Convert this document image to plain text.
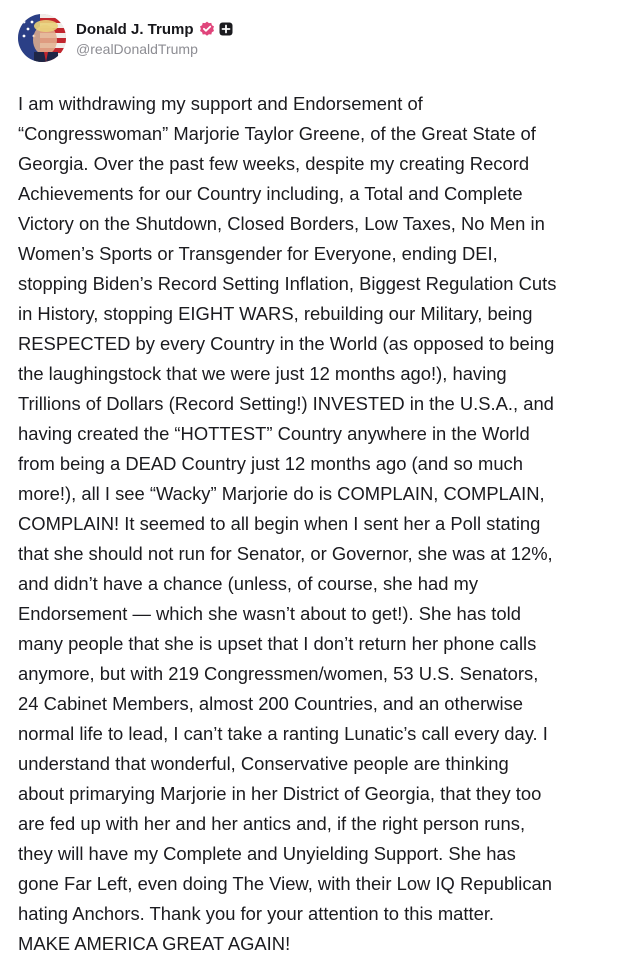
Donald J. Trump
@realDonaldTrump
I am withdrawing my support and Endorsement of
“Congresswoman” Marjorie Taylor Greene, of the Great State of
Georgia. Over the past few weeks, despite my creating Record
Achievements for our Country including, a Total and Complete
Victory on the Shutdown, Closed Borders, Low Taxes, No Men in
Women’s Sports or Transgender for Everyone, ending DEI,
stopping Biden’s Record Setting Inflation, Biggest Regulation Cuts
in History, stopping EIGHT WARS, rebuilding our Military, being
RESPECTED by every Country in the World (as opposed to being
the laughingstock that we were just 12 months ago!), having
Trillions of Dollars (Record Setting!) INVESTED in the U.S.A., and
having created the “HOTTEST” Country anywhere in the World
from being a DEAD Country just 12 months ago (and so much
more!), all I see “Wacky” Marjorie do is COMPLAIN, COMPLAIN,
COMPLAIN! It seemed to all begin when I sent her a Poll stating
that she should not run for Senator, or Governor, she was at 12%,
and didn’t have a chance (unless, of course, she had my
Endorsement — which she wasn’t about to get!). She has told
many people that she is upset that I don’t return her phone calls
anymore, but with 219 Congressmen/women, 53 U.S. Senators,
24 Cabinet Members, almost 200 Countries, and an otherwise
normal life to lead, I can’t take a ranting Lunatic’s call every day. I
understand that wonderful, Conservative people are thinking
about primarying Marjorie in her District of Georgia, that they too
are fed up with her and her antics and, if the right person runs,
they will have my Complete and Unyielding Support. She has
gone Far Left, even doing The View, with their Low IQ Republican
hating Anchors. Thank you for your attention to this matter.
MAKE AMERICA GREAT AGAIN!
